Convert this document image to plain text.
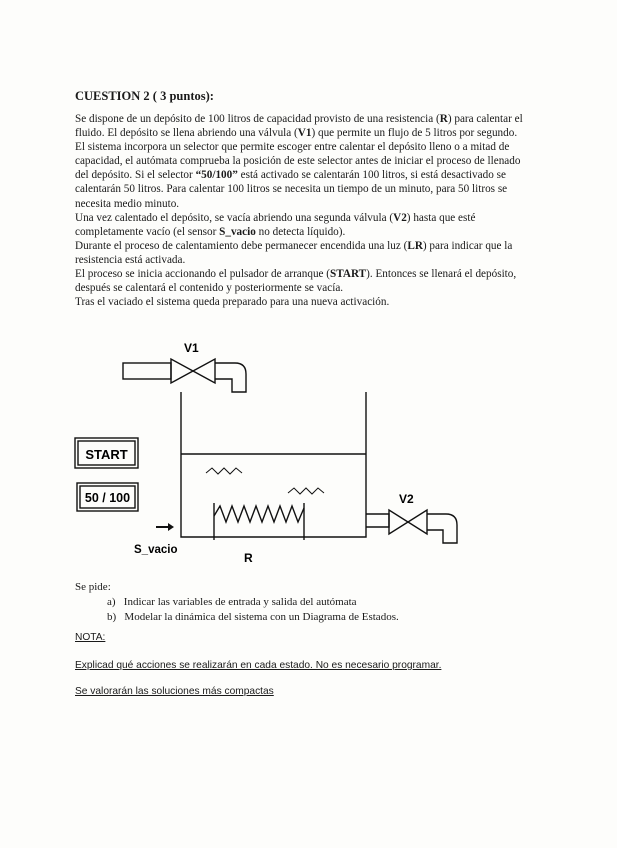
CUESTION 2 ( 3 puntos):

Se dispone de un depósito de 100 litros de capacidad provisto de una resistencia (R) para calentar el fluido. El depósito se llena abriendo una válvula (V1) que permite un flujo de 5 litros por segundo. El sistema incorpora un selector que permite escoger entre calentar el depósito lleno o a mitad de capacidad, el autómata comprueba la posición de este selector antes de iniciar el proceso de llenado del depósito. Si el selector “50/100” está activado se calentarán 100 litros, si está desactivado se calentarán 50 litros. Para calentar 100 litros se necesita un tiempo de un minuto, para 50 litros se necesita medio minuto.

Una vez calentado el depósito, se vacía abriendo una segunda válvula (V2) hasta que esté completamente vacío (el sensor S_vacio no detecta líquido).

Durante el proceso de calentamiento debe permanecer encendida una luz (LR) para indicar que la resistencia está activada.

El proceso se inicia accionando el pulsador de arranque (START). Entonces se llenará el depósito, después se calentará el contenido y posteriormente se vacía.

Tras el vaciado el sistema queda preparado para una nueva activación.

V1
V2
START
50 / 100
S_vacio
R
Se pide:
a) Indicar las variables de entrada y salida del autómata
b) Modelar la dinámica del sistema con un Diagrama de Estados.
NOTA:
Explicad qué acciones se realizarán en cada estado. No es necesario programar.
Se valorarán las soluciones más compactas
